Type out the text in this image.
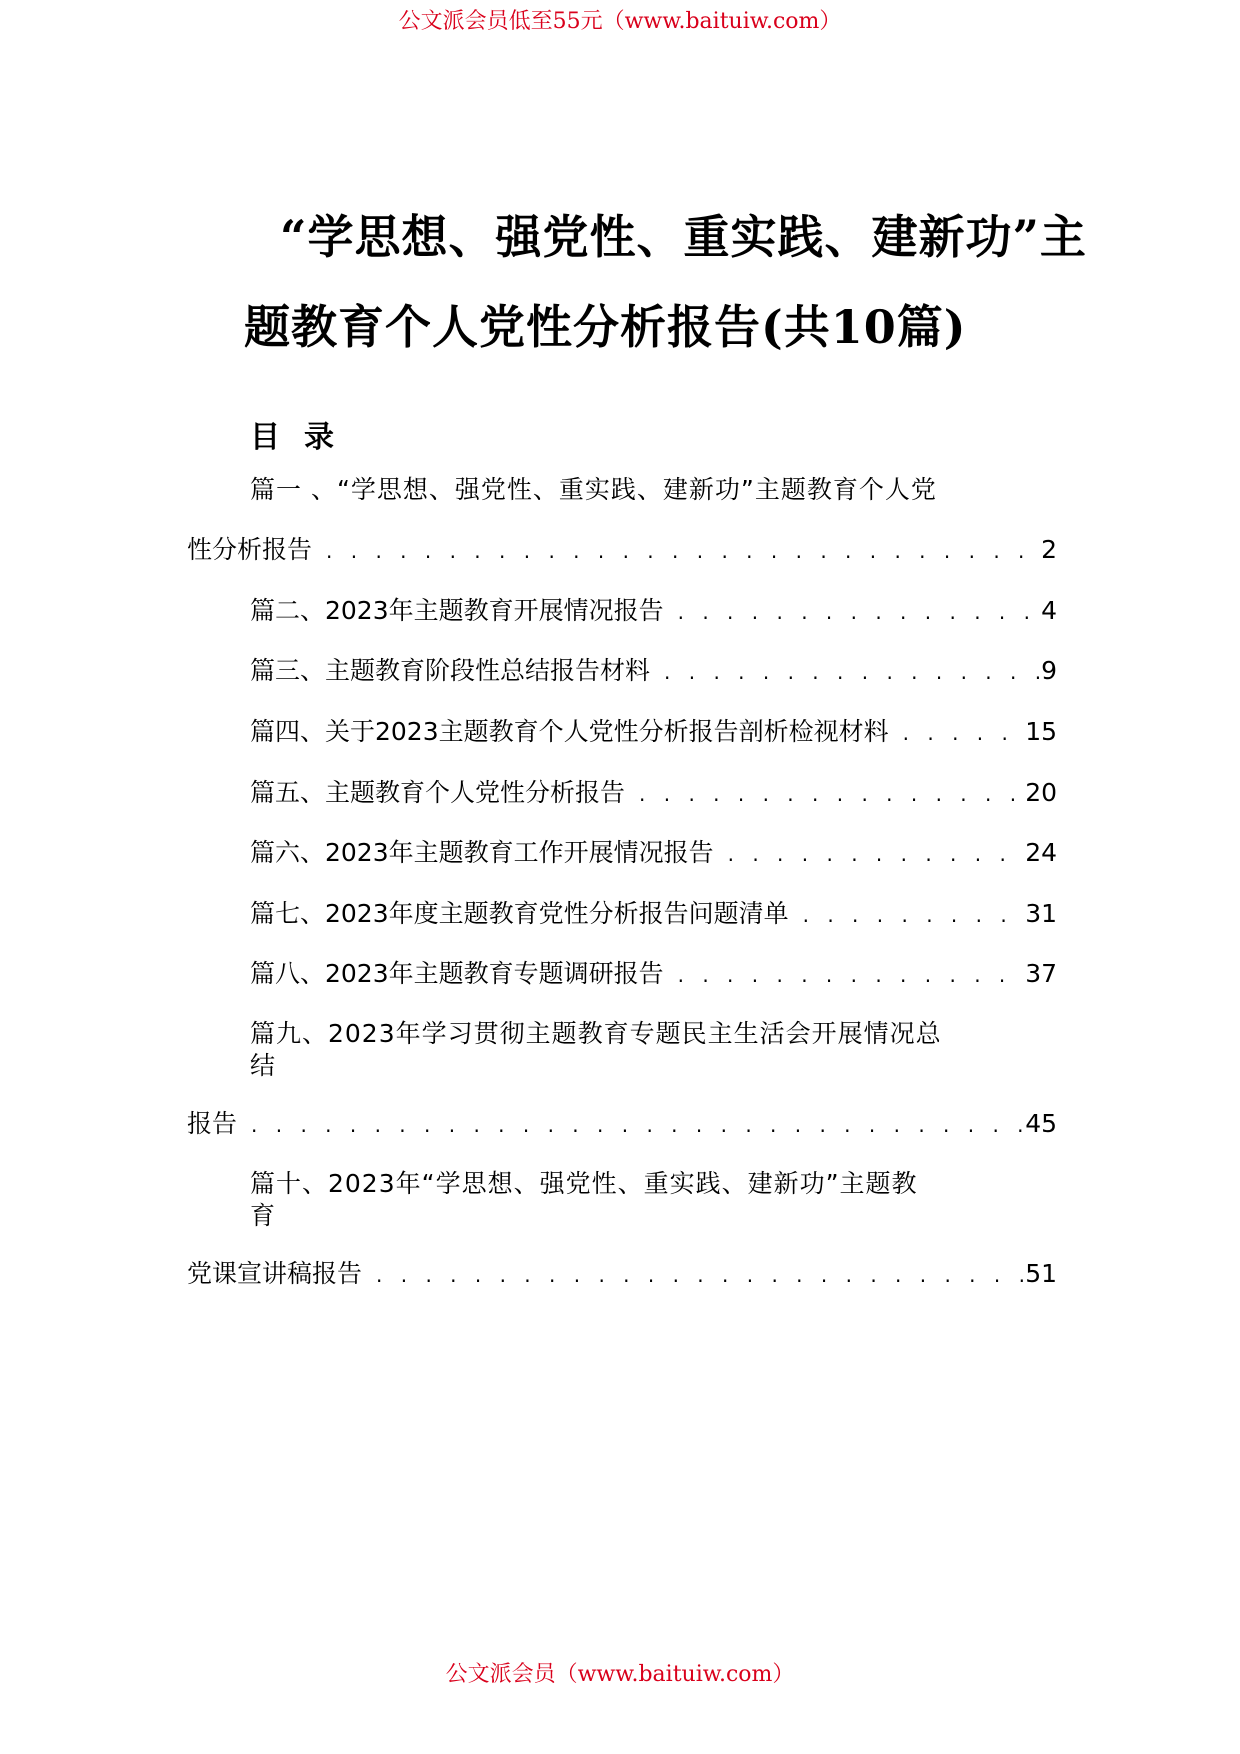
公文派会员低至55元（www.baituiw.com）
“学思想、强党性、重实践、建新功”主
题教育个人党性分析报告(共10篇)
目录
篇一 、“学思想、强党性、重实践、建新功”主题教育个人党
性分析报告 . . .	2
篇二、2023年主题教育开展情况报告 . . .	4
篇三、主题教育阶段性总结报告材料 . . .	9
篇四、关于2023主题教育个人党性分析报告剖析检视材料 . . .	15
篇五、主题教育个人党性分析报告 . . .	20
篇六、2023年主题教育工作开展情况报告 . . .	24
篇七、2023年度主题教育党性分析报告问题清单 . . .	31
篇八、2023年主题教育专题调研报告 . . .	37
篇九、2023年学习贯彻主题教育专题民主生活会开展情况总
结
报告 . . .	45
篇十、2023年“学思想、强党性、重实践、建新功”主题教
育
党课宣讲稿报告 . . .	51
公文派会员（www.baituiw.com）
